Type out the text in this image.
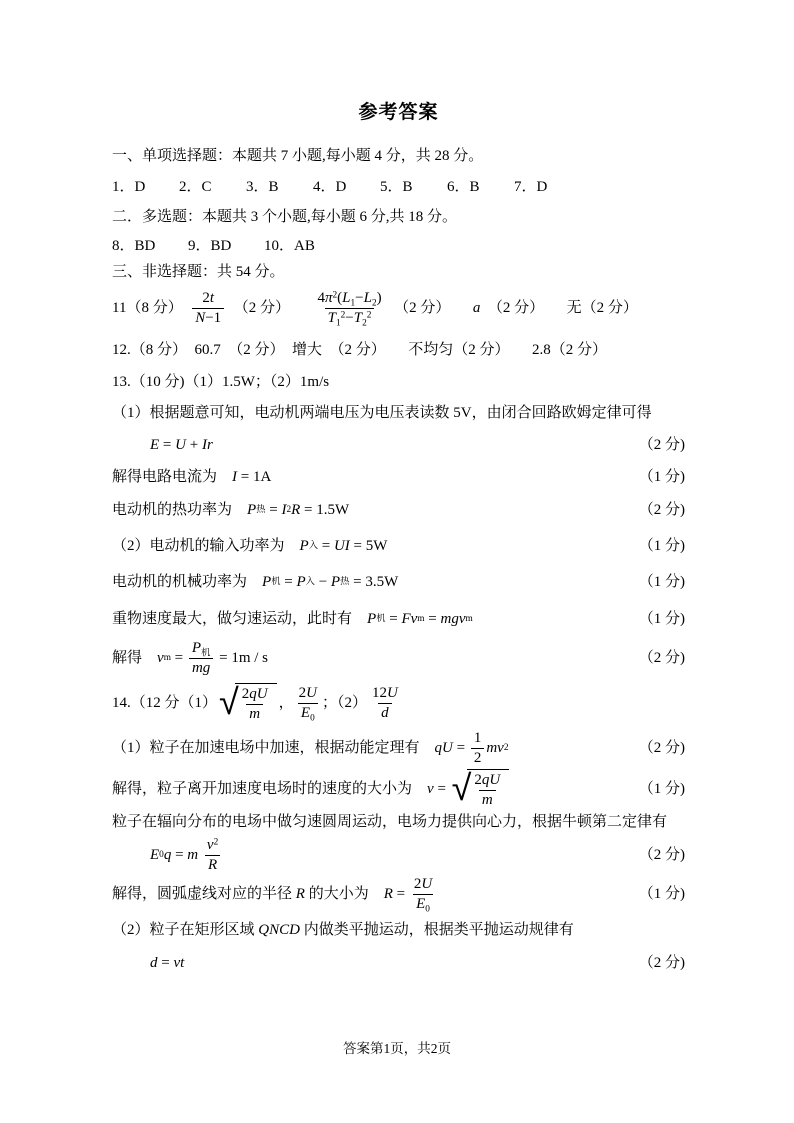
参考答案
一、单项选择题：本题共 7 小题,每小题 4 分，共 28 分。
1．D	2．C	3．B	4．D	5．B	6．B	7．D
二．多选题：本题共 3 个小题,每小题 6 分,共 18 分。
8．BD	9．BD	10．AB
三、非选择题：共 54 分。
11（8 分）　 $\frac{2t}{N-1}$ 　（2 分）　　 $\frac{4\pi^2(L_1-L_2)}{T_1^2-T_2^2}$ 　（2 分）　　 a 　（2 分）　　无（2 分）
12.（8 分）　60.7　（2 分）　增大　（2 分）　　不均匀（2 分）　　2.8（2 分）
13.（10 分)（1）1.5W；（2）1m/s
（1）根据题意可知，电动机两端电压为电压表读数 5V，由闭合回路欧姆定律可得
E = U + Ir	（2 分)
解得电路电流为　 I = 1A	（1 分)
电动机的热功率为　 P 热 = I 2 R = 1.5W	（2 分)
（2）电动机的输入功率为　 P 入 = UI = 5W	（1 分)
电动机的机械功率为　 P 机 = P 入 − P 热 = 3.5W	（1 分)
重物速度最大，做匀速运动，此时有　 P 机 = Fv m = mgv m	（1 分)
解得　 v $m = \frac{P_机}{mg} = 1m / s$	（2 分)
14.（12 分（1） √ $\frac{2qU}{m}$ ， $\frac{2U}{E_0}$ ；$(2) \frac{12U}{d}$
（1）粒子在加速电场中加速，根据动能定理有　 qU = $\frac{1}{2}$ mv 2	（2 分)
解得，粒子离开加速度电场时的速度的大小为　 v = √ $\frac{2qU}{m}$	（1 分)
粒子在辐向分布的电场中做匀速圆周运动，电场力提供向心力，根据牛顿第二定律有
E 0 q = m
$\frac{v^2}{R}$	（2 分)
解得，圆弧虚线对应的半径 R 的大小为　 $R = \frac{2U}{E_0}$	（1 分)
（2）粒子在矩形区域 QNCD 内做类平抛运动，根据类平抛运动规律有
d = vt	（2 分)
答案第1页，共2页
